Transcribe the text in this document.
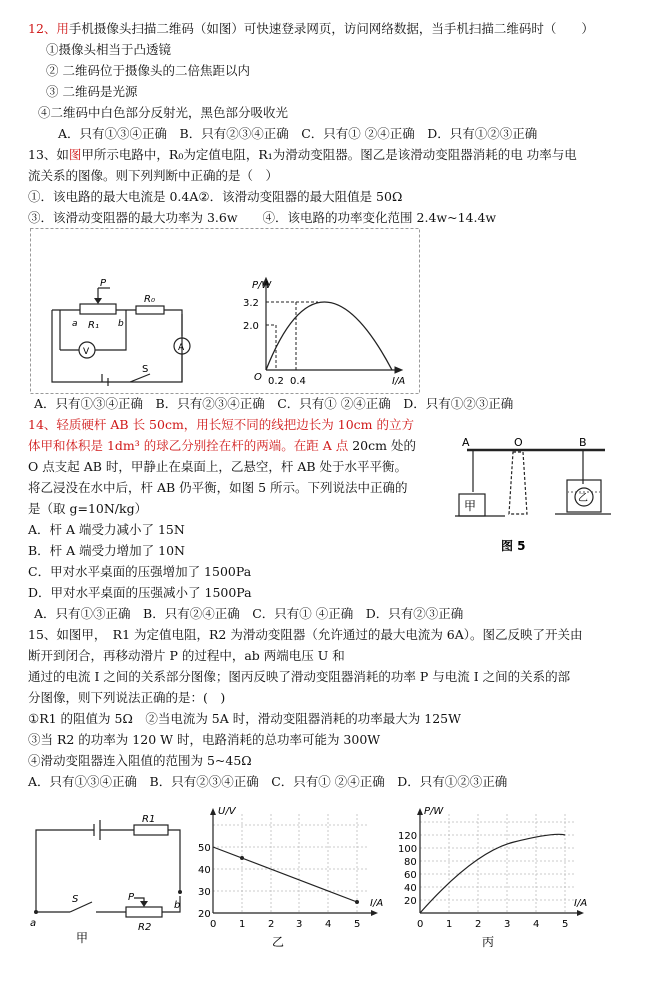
12、用手机摄像头扫描二维码（如图）可快速登录网页，访问网络数据，当手机扫描二维码时（　　）
①摄像头相当于凸透镜
② 二维码位于摄像头的二倍焦距以内
③ 二维码是光源
④二维码中白色部分反射光，黑色部分吸收光
A．只有①③④正确　B．只有②③④正确　C．只有① ②④正确　D．只有①②③正确
13、如图甲所示电路中，R₀为定值电阻，R₁为滑动变阻器。图乙是该滑动变阻器消耗的电 功率与电
流关系的图像。则下列判断中正确的是（　）
①．该电路的最大电流是 0.4A②．该滑动变阻器的最大阻值是 50Ω
③．该滑动变阻器的最大功率为 3.6w　　④．该电路的功率变化范围 2.4w~14.4w
P
R₀
a R₁ b
V	A
S
P/W
I/A
O
3.2
2.0
0.2 0.4
A．只有①③④正确　B．只有②③④正确　C．只有① ②④正确　D．只有①②③正确
14、轻质硬杆 AB 长 50cm，用长短不同的线把边长为 10cm 的立方
体甲和体积是 1dm³ 的球乙分别拴在杆的两端。在距 A 点 20cm 处的
O 点支起 AB 时，甲静止在桌面上，乙悬空，杆 AB 处于水平平衡。
将乙浸没在水中后，杆 AB 仍平衡，如图 5 所示。下列说法中正确的
是（取 g=10N/kg）
A．杆 A 端受力减小了 15N
B．杆 A 端受力增加了 10N
C．甲对水平桌面的压强增加了 1500Pa
D．甲对水平桌面的压强减小了 1500Pa
A．只有①③正确　B．只有②④正确　C．只有① ④正确　D．只有②③正确
A	O	B
甲
乙
图 5
15、如图甲，　R1 为定值电阻，R2 为滑动变阻器（允许通过的最大电流为 6A）。图乙反映了开关由
断开到闭合，再移动滑片 P 的过程中，ab 两端电压 U 和
通过的电流 I 之间的关系部分图像；图丙反映了滑动变阻器消耗的功率 P 与电流 I 之间的关系的部
分图像，则下列说法正确的是：(　)
①R1 的阻值为 5Ω　②当电流为 5A 时，滑动变阻器消耗的功率最大为 125W
③当 R2 的功率为 120 W 时，电路消耗的总功率可能为 300W
④滑动变阻器连入阻值的范围为 5~45Ω
A．只有①③④正确　B．只有②③④正确　C．只有① ②④正确　D．只有①②③正确
R1
P
R2
S
a
b
甲
U/V
I/A
50
40
30
20
0 1 2 3 4 5
乙
P/W
I/A
120
100
80
60
40
20
0 1 2 3 4 5
丙
